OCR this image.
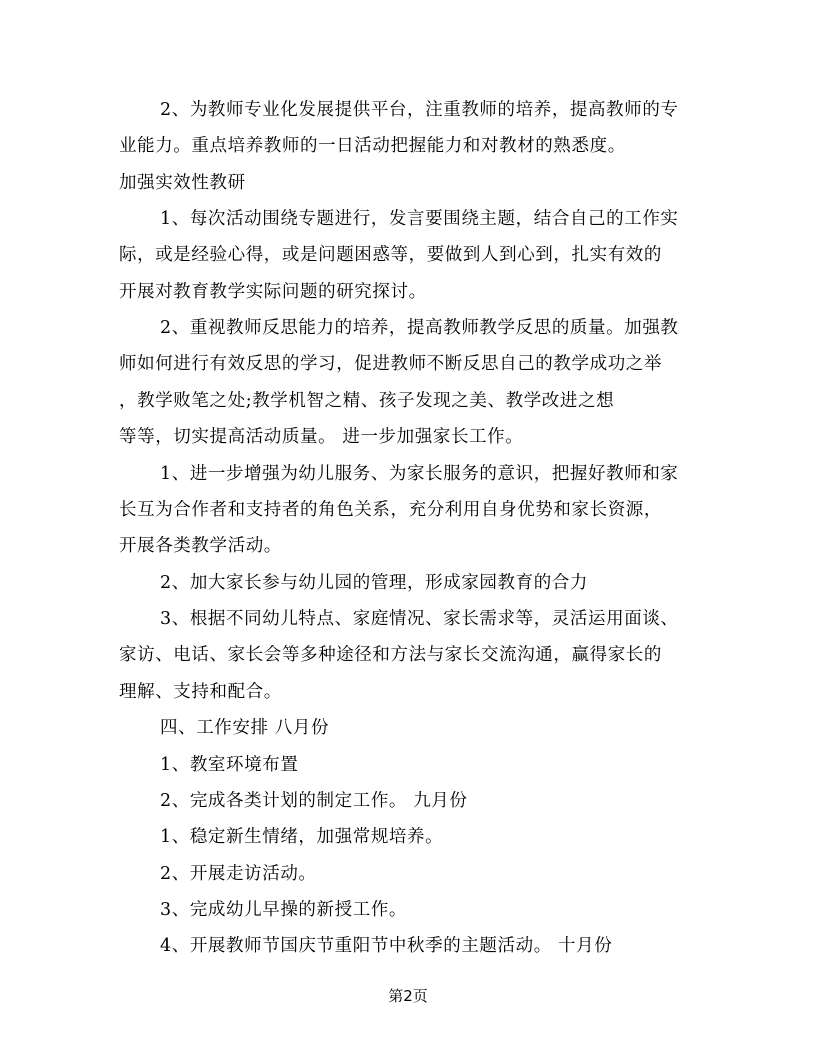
2、为教师专业化发展提供平台，注重教师的培养，提高教师的专
业能力。重点培养教师的一日活动把握能力和对教材的熟悉度。
加强实效性教研
1、每次活动围绕专题进行，发言要围绕主题，结合自己的工作实
际，或是经验心得，或是问题困惑等，要做到人到心到，扎实有效的
开展对教育教学实际问题的研究探讨。
2、重视教师反思能力的培养，提高教师教学反思的质量。加强教
师如何进行有效反思的学习，促进教师不断反思自己的教学成功之举
，教学败笔之处;教学机智之精、孩子发现之美、教学改进之想
等等，切实提高活动质量。 进一步加强家长工作。
1、进一步增强为幼儿服务、为家长服务的意识，把握好教师和家
长互为合作者和支持者的角色关系，充分利用自身优势和家长资源，
开展各类教学活动。
2、加大家长参与幼儿园的管理，形成家园教育的合力
3、根据不同幼儿特点、家庭情况、家长需求等，灵活运用面谈、
家访、电话、家长会等多种途径和方法与家长交流沟通，赢得家长的
理解、支持和配合。
四、工作安排 八月份
1、教室环境布置
2、完成各类计划的制定工作。 九月份
1、稳定新生情绪，加强常规培养。
2、开展走访活动。
3、完成幼儿早操的新授工作。
4、开展教师节国庆节重阳节中秋季的主题活动。 十月份
第2页
